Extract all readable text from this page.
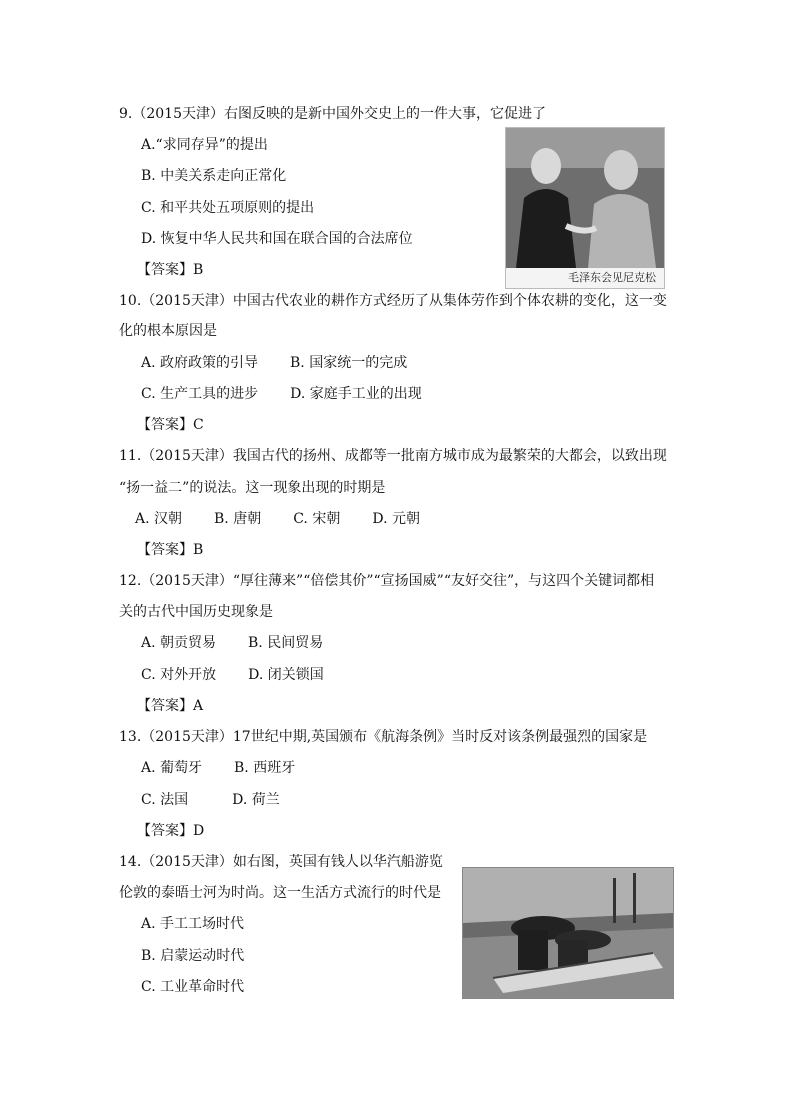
9.（2015天津）右图反映的是新中国外交史上的一件大事，它促进了
A.“求同存异”的提出
B. 中美关系走向正常化
C. 和平共处五项原则的提出
D. 恢复中华人民共和国在联合国的合法席位
【答案】B	毛泽东会见尼克松
10.（2015天津）中国古代农业的耕作方式经历了从集体劳作到个体农耕的变化，这一变
化的根本原因是
A. 政府政策的引导 B. 国家统一的完成
C. 生产工具的进步 D. 家庭手工业的出现
【答案】C
11.（2015天津）我国古代的扬州、成都等一批南方城市成为最繁荣的大都会，以致出现
“扬一益二”的说法。这一现象出现的时期是
A. 汉朝 B. 唐朝 C. 宋朝 D. 元朝
【答案】B
12.（2015天津）“厚往薄来”“倍偿其价”“宣扬国威”“友好交往”，与这四个关键词都相
关的古代中国历史现象是
A. 朝贡贸易 B. 民间贸易
C. 对外开放 D. 闭关锁国
【答案】A
13.（2015天津）17世纪中期,英国颁布《航海条例》当时反对该条例最强烈的国家是
A. 葡萄牙 B. 西班牙
C. 法国	D. 荷兰
【答案】D
14.（2015天津）如右图，英国有钱人以华汽船游览
伦敦的泰晤士河为时尚。这一生活方式流行的时代是
A. 手工工场时代
B. 启蒙运动时代
C. 工业革命时代
